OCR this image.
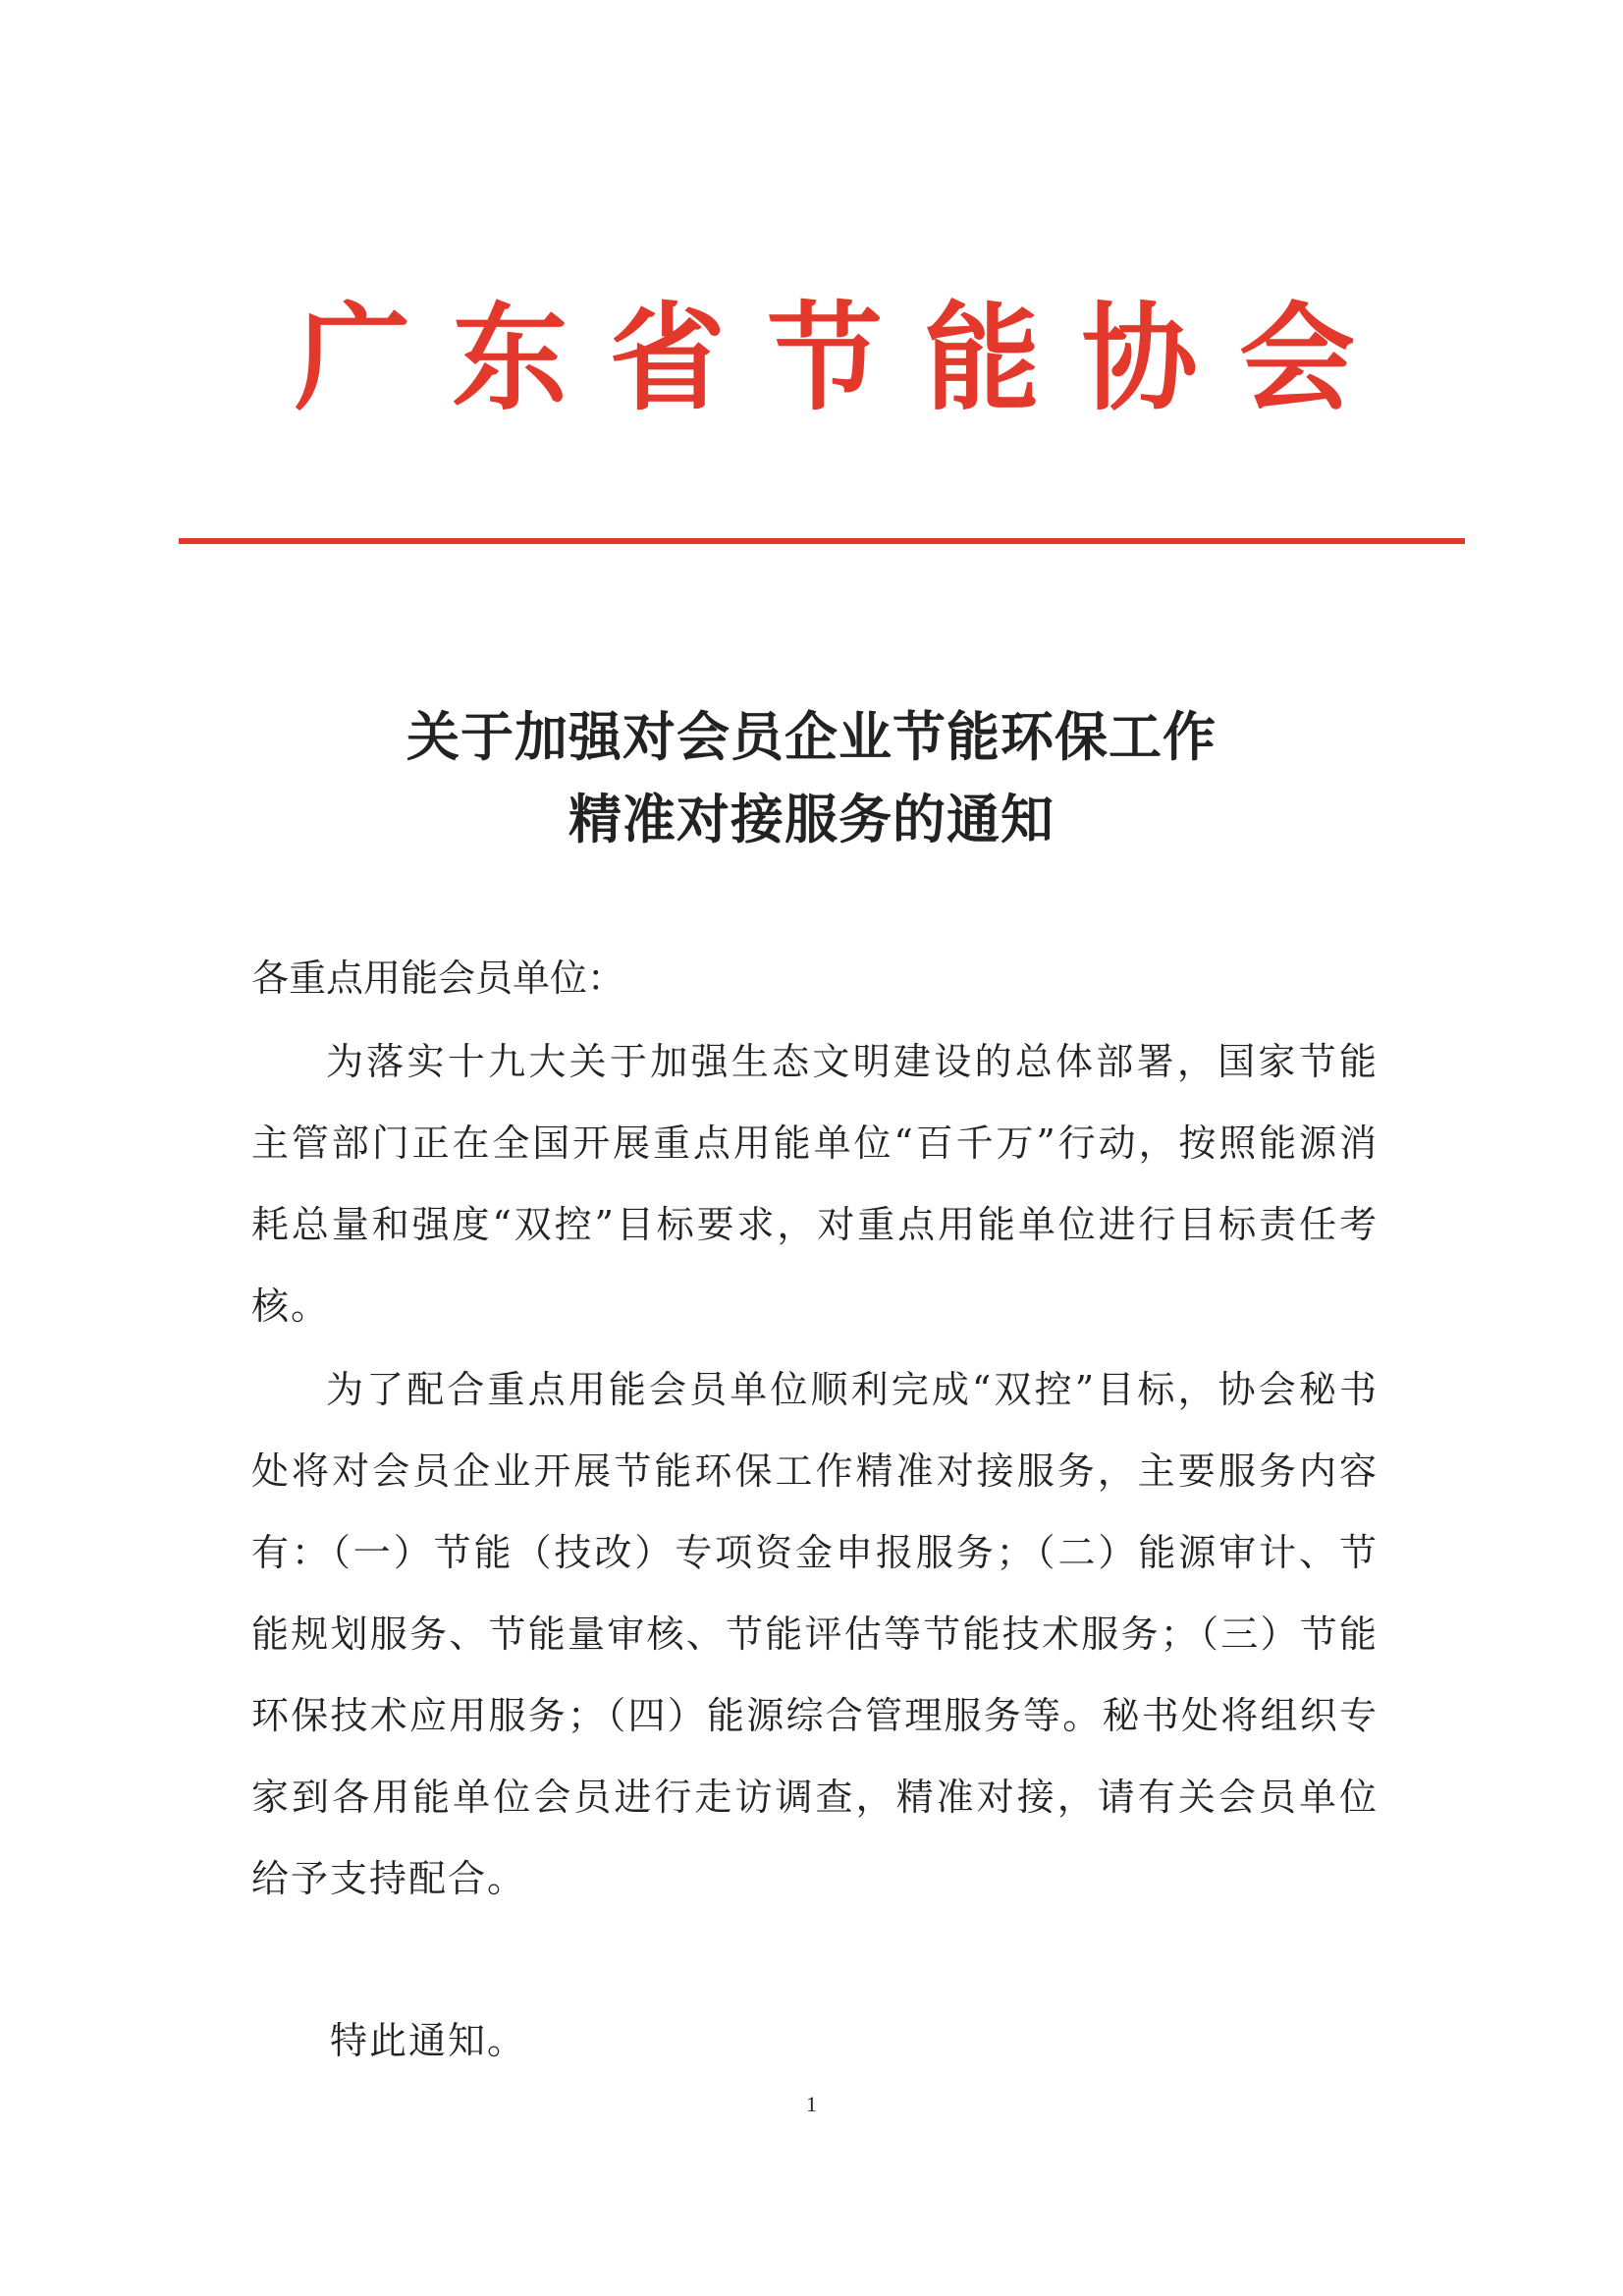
广 东 省 节 能 协 会
关于加强对会员企业节能环保工作
精准对接服务的通知
各重点用能会员单位：
为落实十九大关于加强生态文明建设的总体部署，国家节能主管部门正在全国开展重点用能单位“百千万”行动，按照能源消耗总量和强度“双控”目标要求，对重点用能单位进行目标责任考核。
为了配合重点用能会员单位顺利完成“双控”目标，协会秘书处将对会员企业开展节能环保工作精准对接服务，主要服务内容有：（一）节能（技改）专项资金申报服务；（二）能源审计、节能规划服务、节能量审核、节能评估等节能技术服务；（三）节能环保技术应用服务；（四）能源综合管理服务等。秘书处将组织专家到各用能单位会员进行走访调查，精准对接，请有关会员单位给予支持配合。
特此通知。
1
